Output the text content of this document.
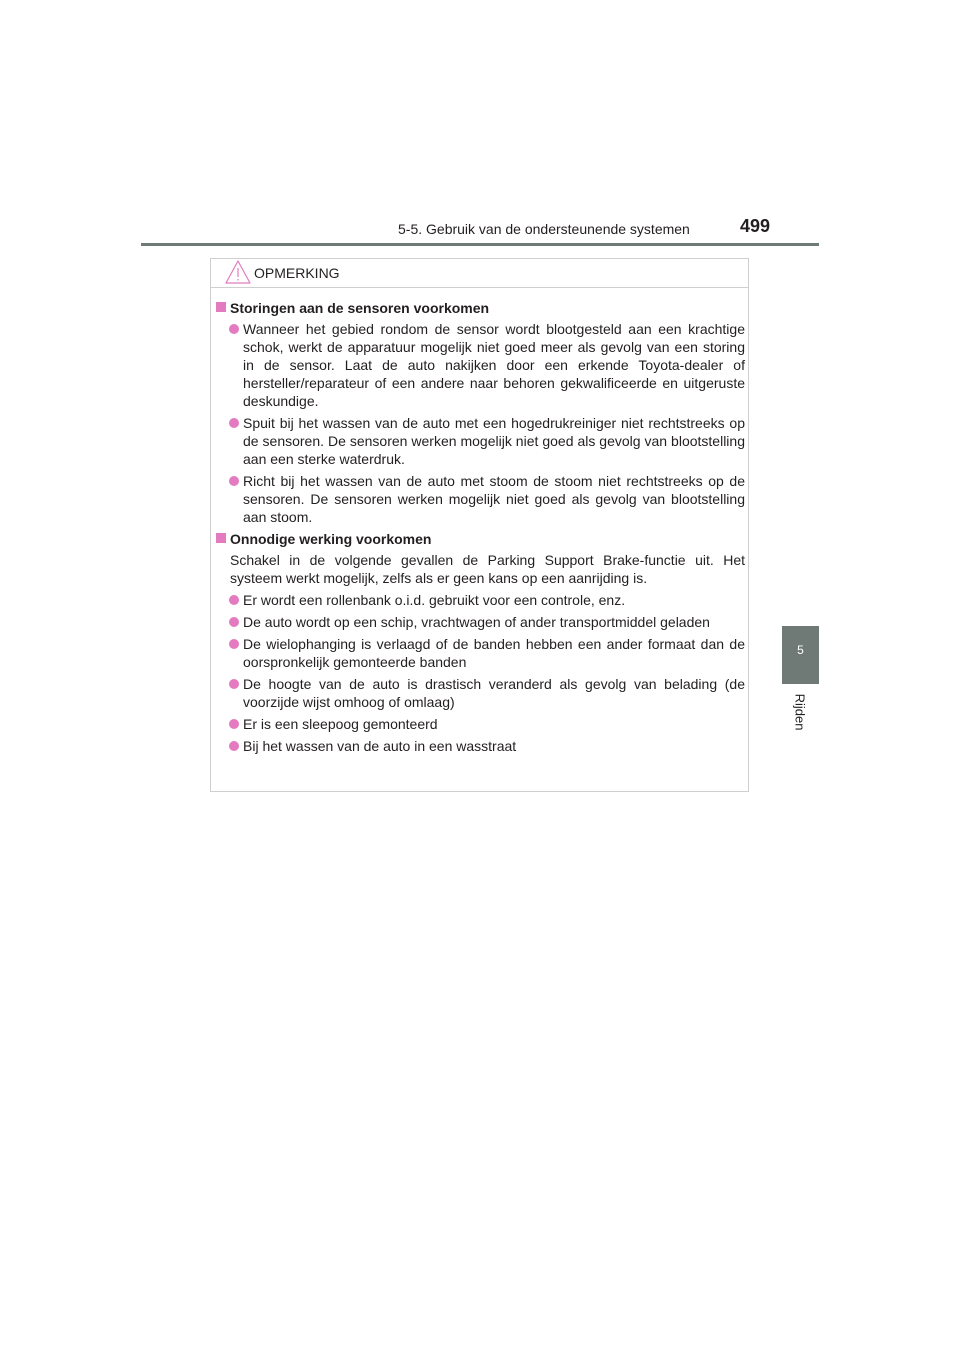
5-5. Gebruik van de ondersteunende systemen	499
5
Rijden
OPMERKING
Storingen aan de sensoren voorkomen
Wanneer het gebied rondom de sensor wordt blootgesteld aan een krachtige schok, werkt de apparatuur mogelijk niet goed meer als gevolg van een storing in de sensor. Laat de auto nakijken door een erkende Toyota-dealer of hersteller/reparateur of een andere naar behoren gekwalificeerde en uitgeruste deskundige.
Spuit bij het wassen van de auto met een hogedrukreiniger niet rechtstreeks op de sensoren. De sensoren werken mogelijk niet goed als gevolg van blootstelling aan een sterke waterdruk.
Richt bij het wassen van de auto met stoom de stoom niet rechtstreeks op de sensoren. De sensoren werken mogelijk niet goed als gevolg van blootstelling aan stoom.
Onnodige werking voorkomen
Schakel in de volgende gevallen de Parking Support Brake-functie uit. Het systeem werkt mogelijk, zelfs als er geen kans op een aanrijding is.
Er wordt een rollenbank o.i.d. gebruikt voor een controle, enz.
De auto wordt op een schip, vrachtwagen of ander transportmiddel geladen
De wielophanging is verlaagd of de banden hebben een ander formaat dan de oorspronkelijk gemonteerde banden
De hoogte van de auto is drastisch veranderd als gevolg van belading (de voorzijde wijst omhoog of omlaag)
Er is een sleepoog gemonteerd
Bij het wassen van de auto in een wasstraat
